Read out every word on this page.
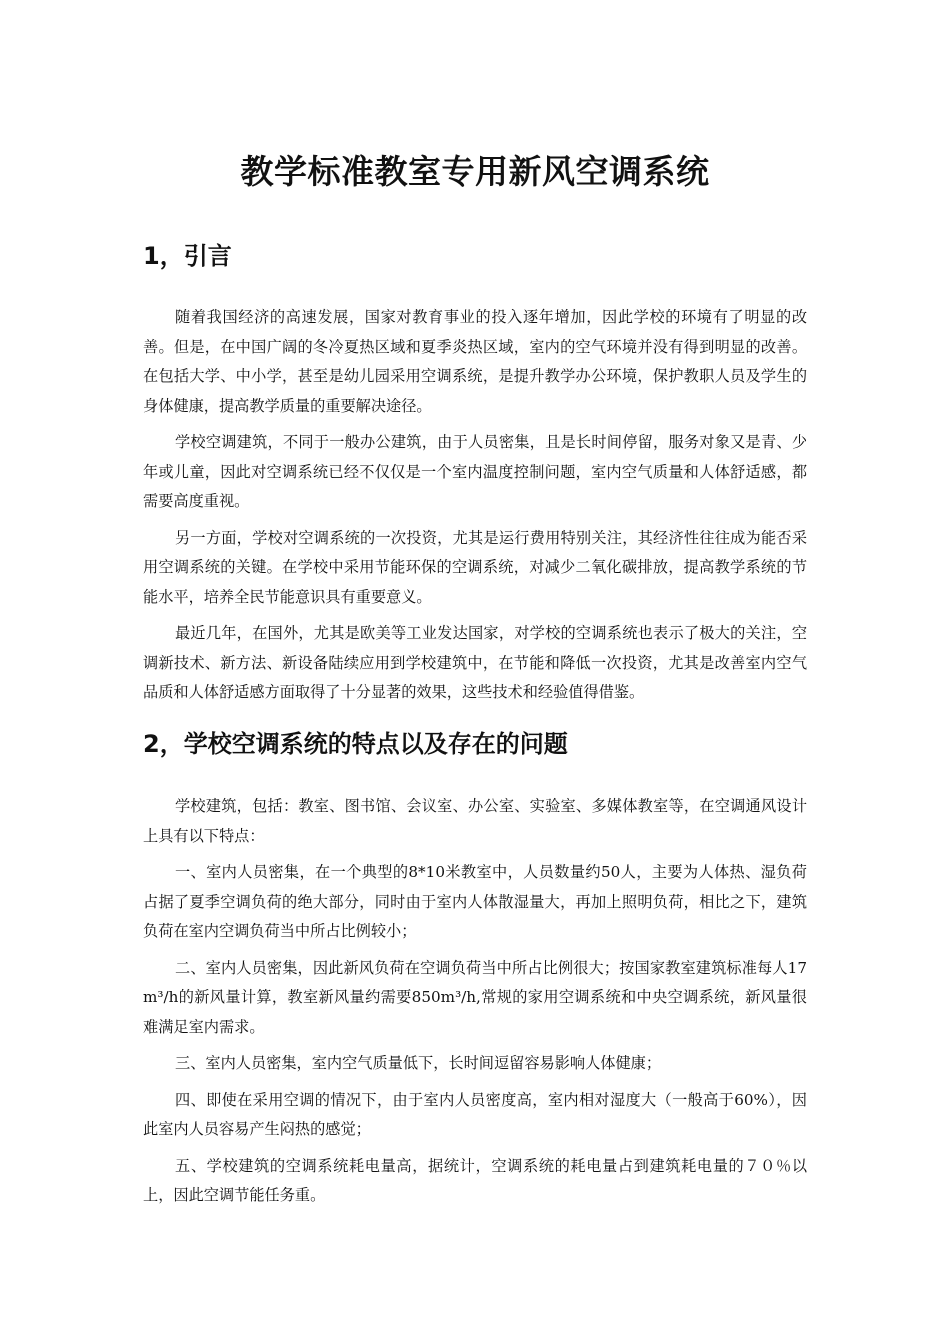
教学标准教室专用新风空调系统
1，引言

随着我国经济的高速发展，国家对教育事业的投入逐年增加，因此学校的环境有了明显的改善。但是，在中国广阔的冬冷夏热区域和夏季炎热区域，室内的空气环境并没有得到明显的改善。在包括大学、中小学，甚至是幼儿园采用空调系统，是提升教学办公环境，保护教职人员及学生的身体健康，提高教学质量的重要解决途径。

学校空调建筑，不同于一般办公建筑，由于人员密集，且是长时间停留，服务对象又是青、少年或儿童，因此对空调系统已经不仅仅是一个室内温度控制问题，室内空气质量和人体舒适感，都需要高度重视。

另一方面，学校对空调系统的一次投资，尤其是运行费用特别关注，其经济性往往成为能否采用空调系统的关键。在学校中采用节能环保的空调系统，对减少二氧化碳排放，提高教学系统的节能水平，培养全民节能意识具有重要意义。

最近几年，在国外，尤其是欧美等工业发达国家，对学校的空调系统也表示了极大的关注，空调新技术、新方法、新设备陆续应用到学校建筑中，在节能和降低一次投资，尤其是改善室内空气品质和人体舒适感方面取得了十分显著的效果，这些技术和经验值得借鉴。

2，学校空调系统的特点以及存在的问题

学校建筑，包括：教室、图书馆、会议室、办公室、实验室、多媒体教室等，在空调通风设计上具有以下特点：

一、室内人员密集，在一个典型的8*10米教室中，人员数量约50人，主要为人体热、湿负荷占据了夏季空调负荷的绝大部分，同时由于室内人体散湿量大，再加上照明负荷，相比之下，建筑负荷在室内空调负荷当中所占比例较小；

二、室内人员密集，因此新风负荷在空调负荷当中所占比例很大；按国家教室建筑标准每人17m³/h的新风量计算，教室新风量约需要850m³/h,常规的家用空调系统和中央空调系统，新风量很难满足室内需求。

三、室内人员密集，室内空气质量低下，长时间逗留容易影响人体健康；

四、即使在采用空调的情况下，由于室内人员密度高，室内相对湿度大（一般高于60%），因此室内人员容易产生闷热的感觉；

五、学校建筑的空调系统耗电量高，据统计，空调系统的耗电量占到建筑耗电量的７０％以上，因此空调节能任务重。
